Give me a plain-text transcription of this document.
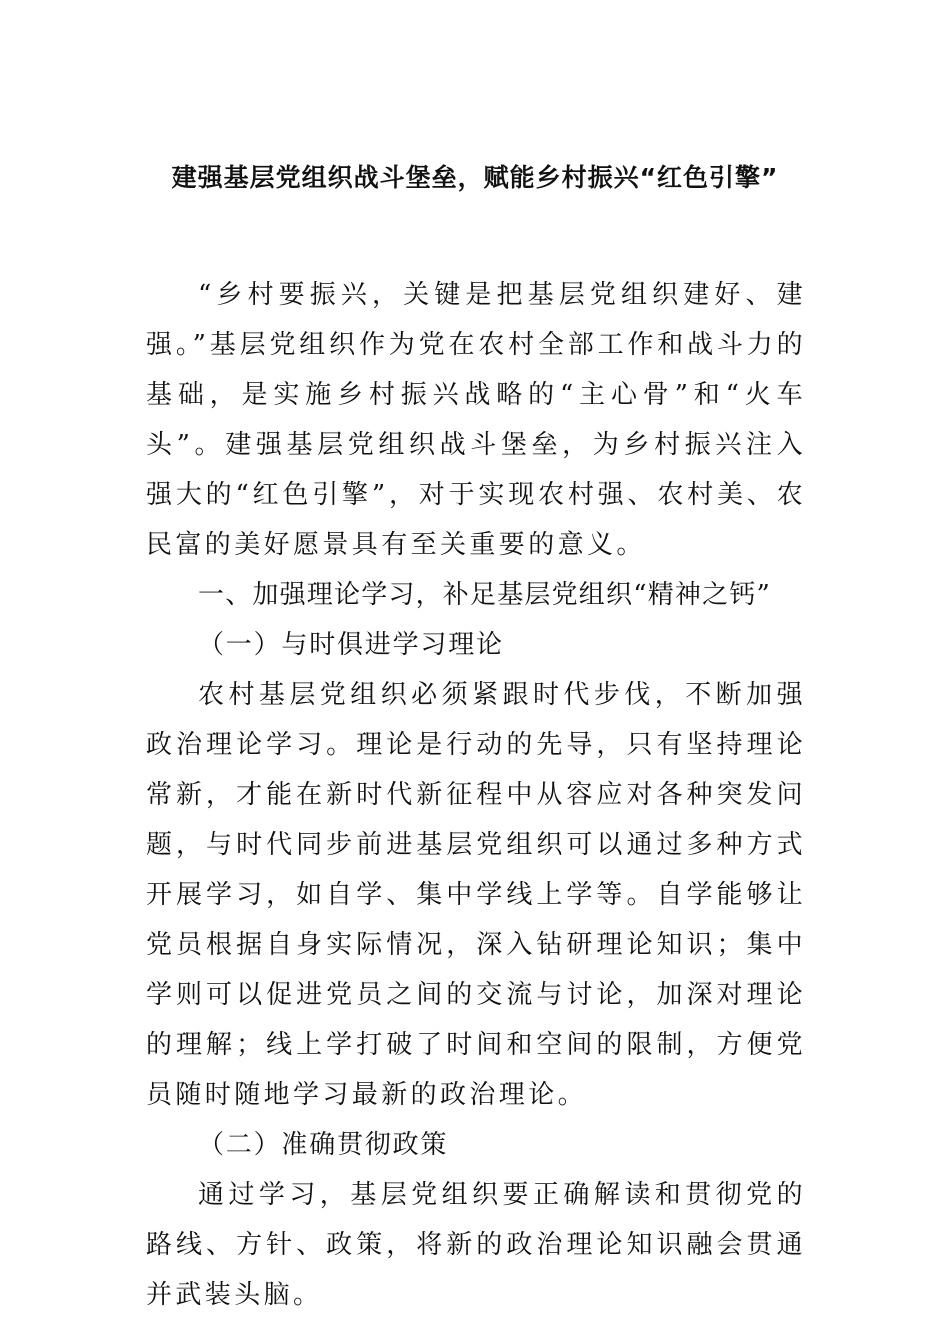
建强基层党组织战斗堡垒，赋能乡村振兴“红色引擎”

“乡村要振兴，关键是把基层党组织建好、建强。”基层党组织作为党在农村全部工作和战斗力的基础，是实施乡村振兴战略的“主心骨”和“火车头”。建强基层党组织战斗堡垒，为乡村振兴注入强大的“红色引擎”，对于实现农村强、农村美、农民富的美好愿景具有至关重要的意义。

一、加强理论学习，补足基层党组织“精神之钙”

（一）与时俱进学习理论

农村基层党组织必须紧跟时代步伐，不断加强政治理论学习。理论是行动的先导，只有坚持理论常新，才能在新时代新征程中从容应对各种突发问题，与时代同步前进基层党组织可以通过多种方式开展学习，如自学、集中学线上学等。自学能够让党员根据自身实际情况，深入钻研理论知识；集中学则可以促进党员之间的交流与讨论，加深对理论的理解；线上学打破了时间和空间的限制，方便党员随时随地学习最新的政治理论。

（二）准确贯彻政策

通过学习，基层党组织要正确解读和贯彻党的路线、方针、政策，将新的政治理论知识融会贯通并武装头脑。
